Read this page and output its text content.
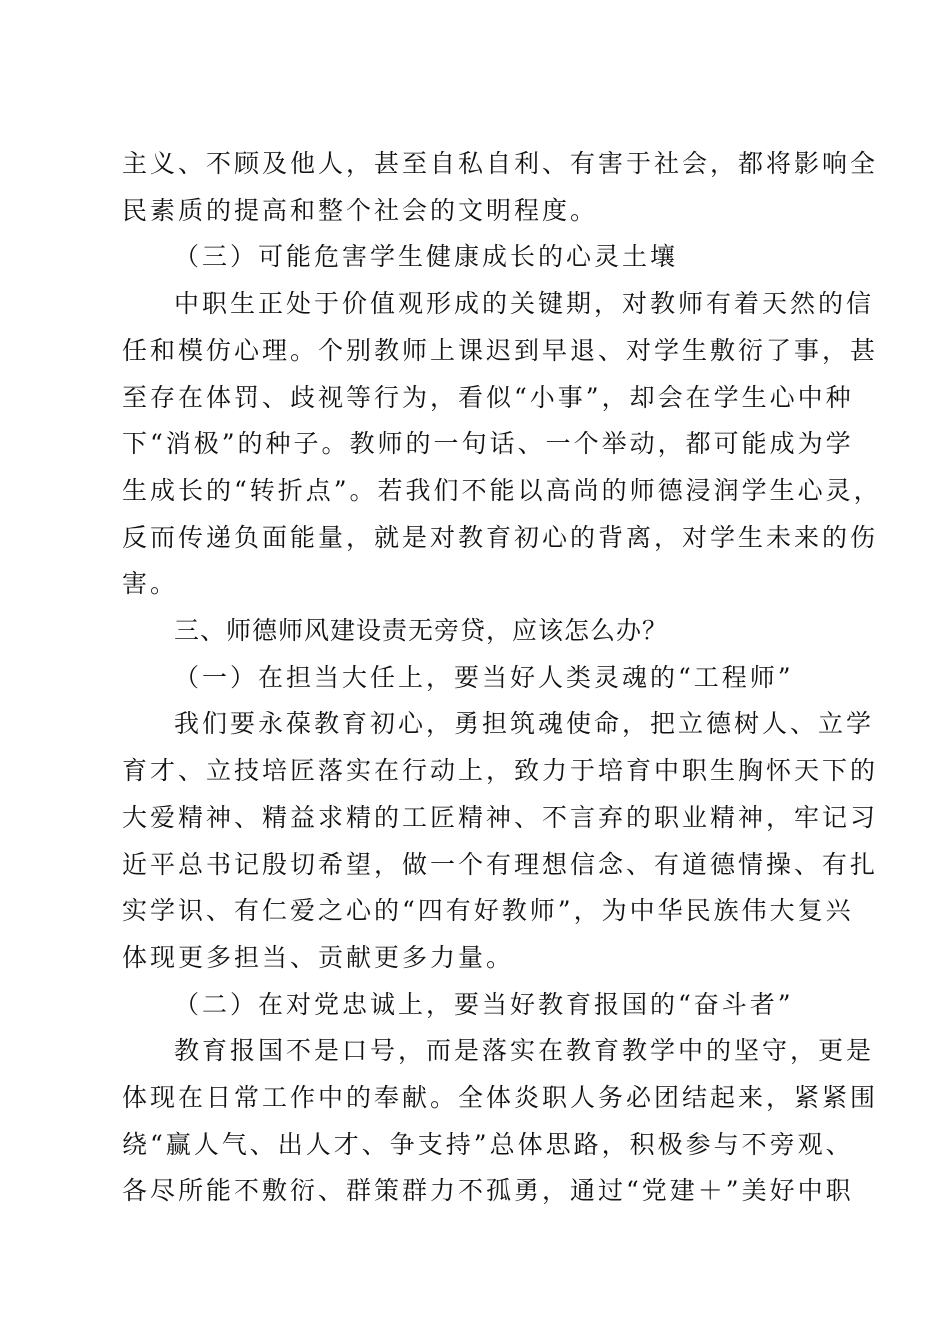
主义、不顾及他人，甚至自私自利、有害于社会，都将影响全
民素质的提高和整个社会的文明程度。
（三）可能危害学生健康成长的心灵土壤
中职生正处于价值观形成的关键期，对教师有着天然的信
任和模仿心理。个别教师上课迟到早退、对学生敷衍了事，甚
至存在体罚、歧视等行为，看似“小事”，却会在学生心中种
下“消极”的种子。教师的一句话、一个举动，都可能成为学
生成长的“转折点”。若我们不能以高尚的师德浸润学生心灵，
反而传递负面能量，就是对教育初心的背离，对学生未来的伤
害。
三、师德师风建设责无旁贷，应该怎么办？
（一）在担当大任上，要当好人类灵魂的“工程师”
我们要永葆教育初心，勇担筑魂使命，把立德树人、立学
育才、立技培匠落实在行动上，致力于培育中职生胸怀天下的
大爱精神、精益求精的工匠精神、不言弃的职业精神，牢记习
近平总书记殷切希望，做一个有理想信念、有道德情操、有扎
实学识、有仁爱之心的“四有好教师”，为中华民族伟大复兴
体现更多担当、贡献更多力量。
（二）在对党忠诚上，要当好教育报国的“奋斗者”
教育报国不是口号，而是落实在教育教学中的坚守，更是
体现在日常工作中的奉献。全体炎职人务必团结起来，紧紧围
绕“赢人气、出人才、争支持”总体思路，积极参与不旁观、
各尽所能不敷衍、群策群力不孤勇，通过“党建＋”美好中职
